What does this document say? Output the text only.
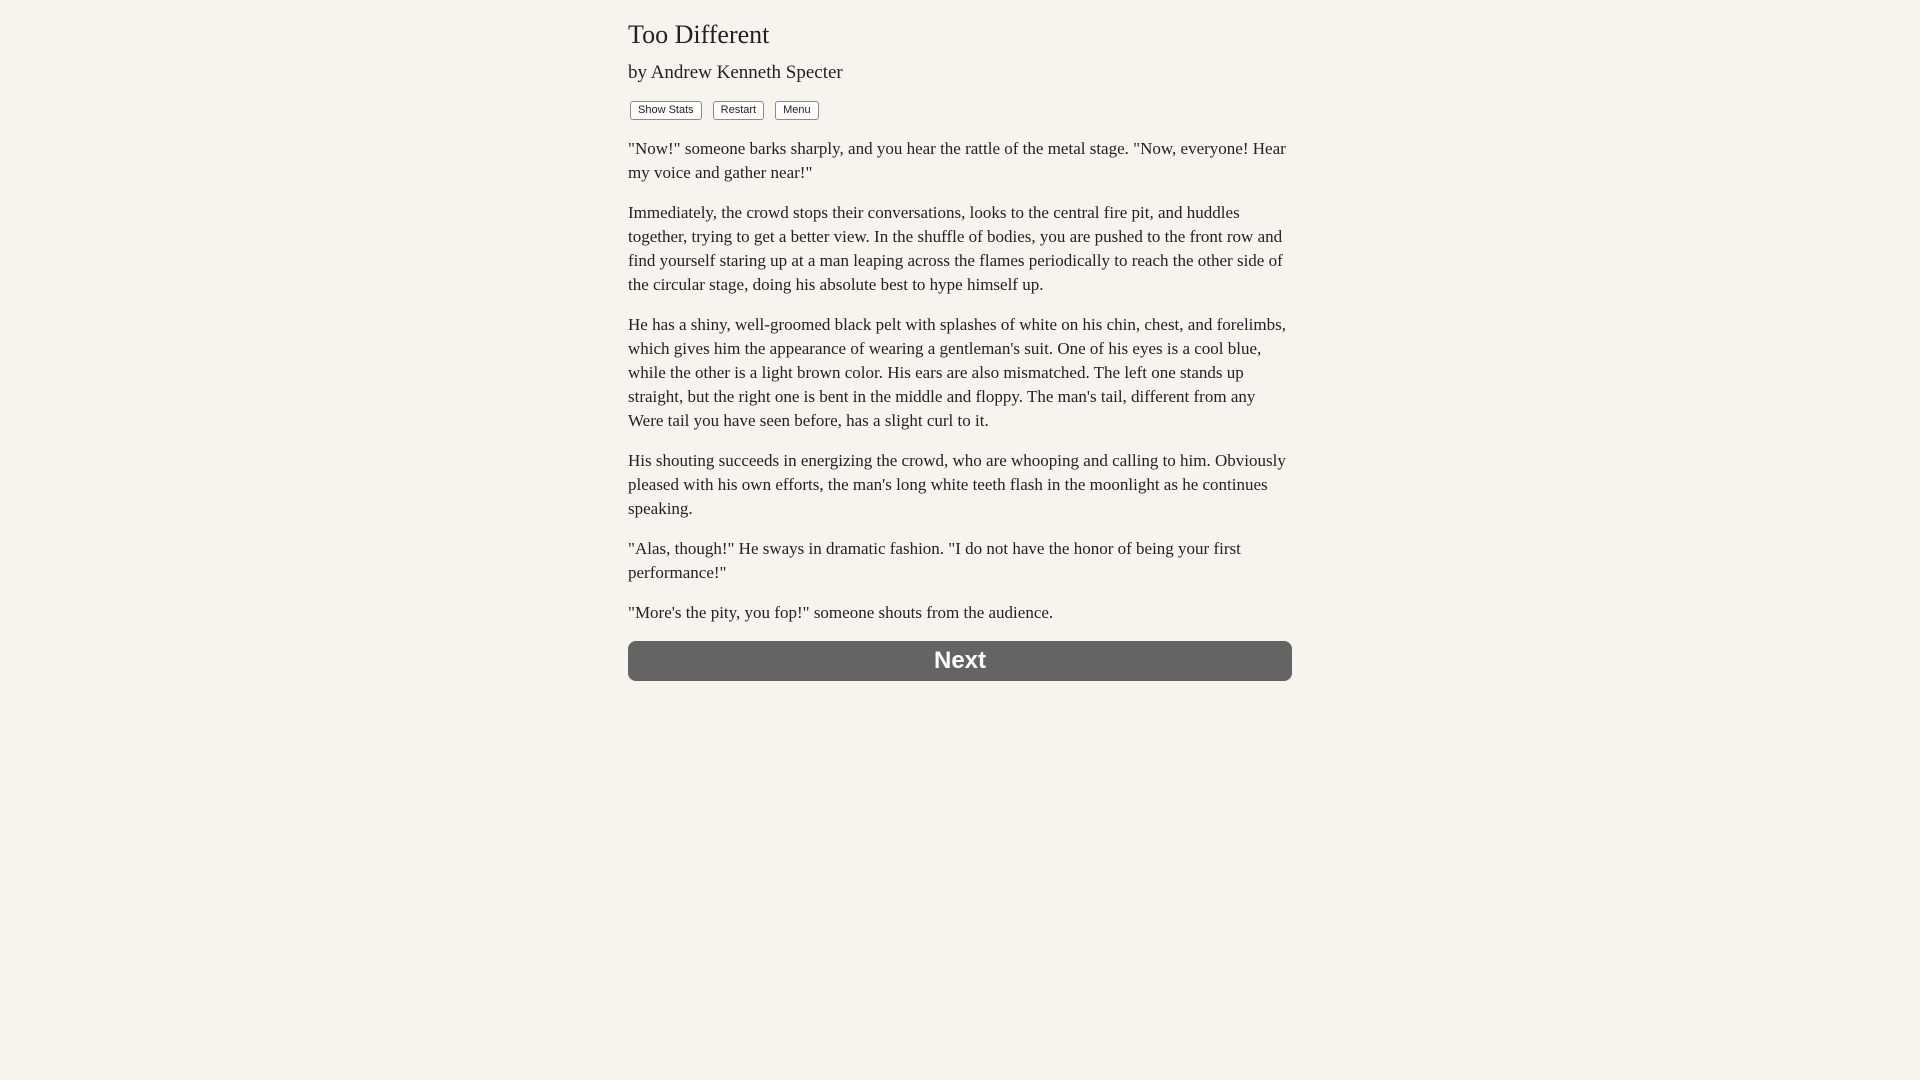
Too Different
by Andrew Kenneth Specter
Show Stats	Restart	Menu

"Now!" someone barks sharply, and you hear the rattle of the metal stage. "Now, everyone! Hear my voice and gather near!"

Immediately, the crowd stops their conversations, looks to the central fire pit, and huddles together, trying to get a better view. In the shuffle of bodies, you are pushed to the front row and find yourself staring up at a man leaping across the flames periodically to reach the other side of the circular stage, doing his absolute best to hype himself up.

He has a shiny, well-groomed black pelt with splashes of white on his chin, chest, and forelimbs, which gives him the appearance of wearing a gentleman's suit. One of his eyes is a cool blue, while the other is a light brown color. His ears are also mismatched. The left one stands up straight, but the right one is bent in the middle and floppy. The man's tail, different from any Were tail you have seen before, has a slight curl to it.

His shouting succeeds in energizing the crowd, who are whooping and calling to him. Obviously pleased with his own efforts, the man's long white teeth flash in the moonlight as he continues speaking.

"Alas, though!" He sways in dramatic fashion. "I do not have the honor of being your first performance!"

"More's the pity, you fop!" someone shouts from the audience.

Next
